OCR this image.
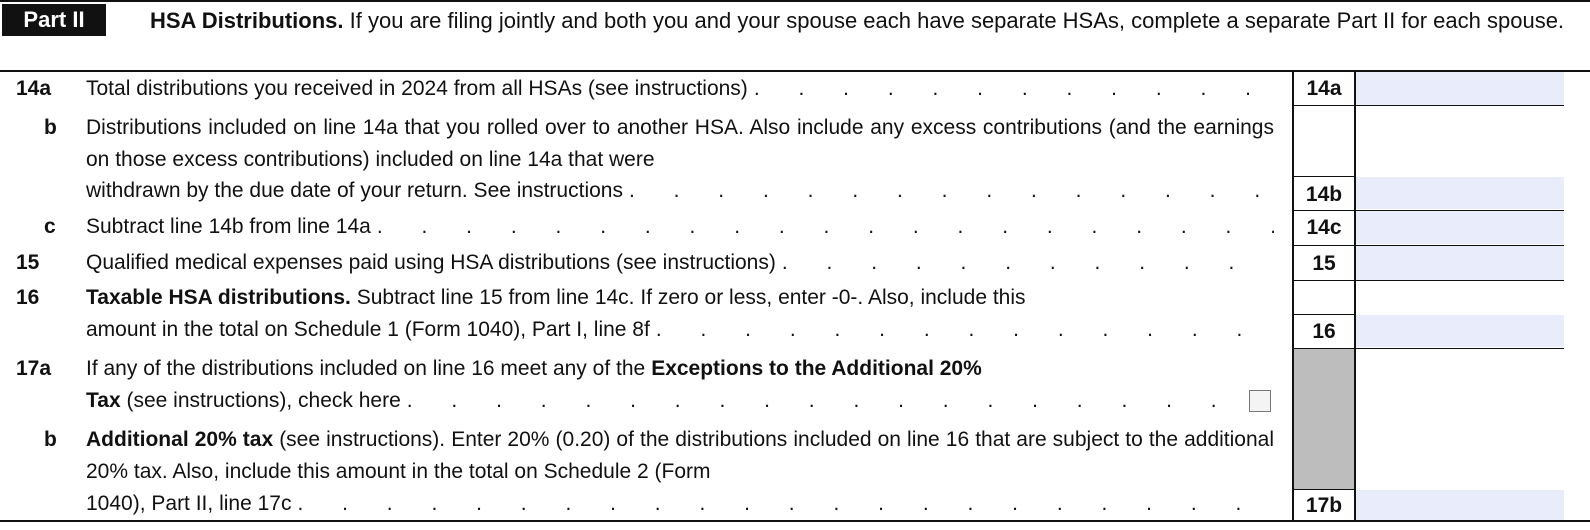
Part II	HSA Distributions. If you are filing jointly and both you and your spouse each have separate HSAs, complete a separate Part II for each spouse.
14a Total distributions you received in 2024 from all HSAs (see instructions) . . .	14a
b Distributions included on line 14a that you rolled over to another HSA. Also include any excess contributions (and the earnings on those excess contributions) included on line 14a that were
withdrawn by the due date of your return. See instructions . . .	14b
c Subtract line 14b from line 14a . . .	14c
15 Qualified medical expenses paid using HSA distributions (see instructions) . . .	15
16 Taxable HSA distributions. Subtract line 15 from line 14c. If zero or less, enter -0-. Also, include this
amount in the total on Schedule 1 (Form 1040), Part I, line 8f . . .	16
17a If any of the distributions included on line 16 meet any of the Exceptions to the Additional 20%
Tax (see instructions), check here
. . .
b Additional 20% tax (see instructions). Enter 20% (0.20) of the distributions included on line 16 that are subject to the additional 20% tax. Also, include this amount in the total on Schedule 2 (Form
1040), Part II, line 17c . . .	17b
